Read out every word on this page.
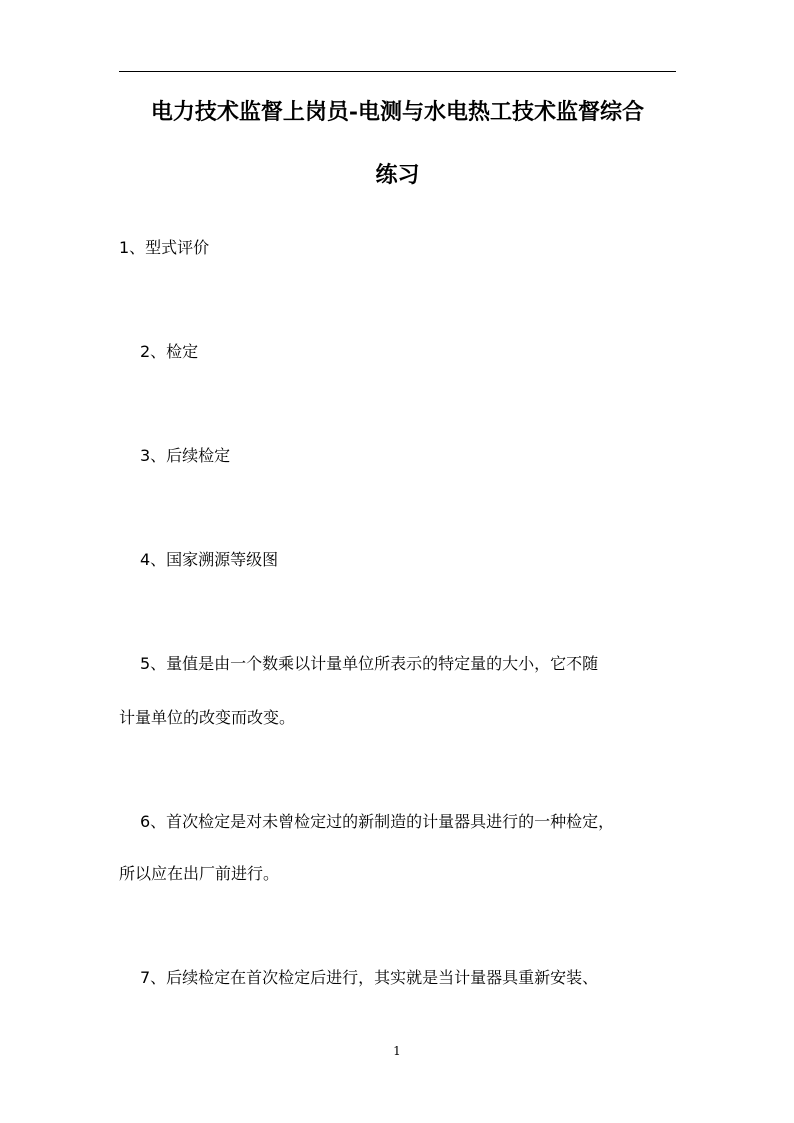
电力技术监督上岗员-电测与水电热工技术监督综合
练习
1、型式评价
2、检定
3、后续检定
4、国家溯源等级图
5、量值是由一个数乘以计量单位所表示的特定量的大小，它不随
计量单位的改变而改变。
6、首次检定是对未曾检定过的新制造的计量器具进行的一种检定，
所以应在出厂前进行。
7、后续检定在首次检定后进行，其实就是当计量器具重新安装、
1
